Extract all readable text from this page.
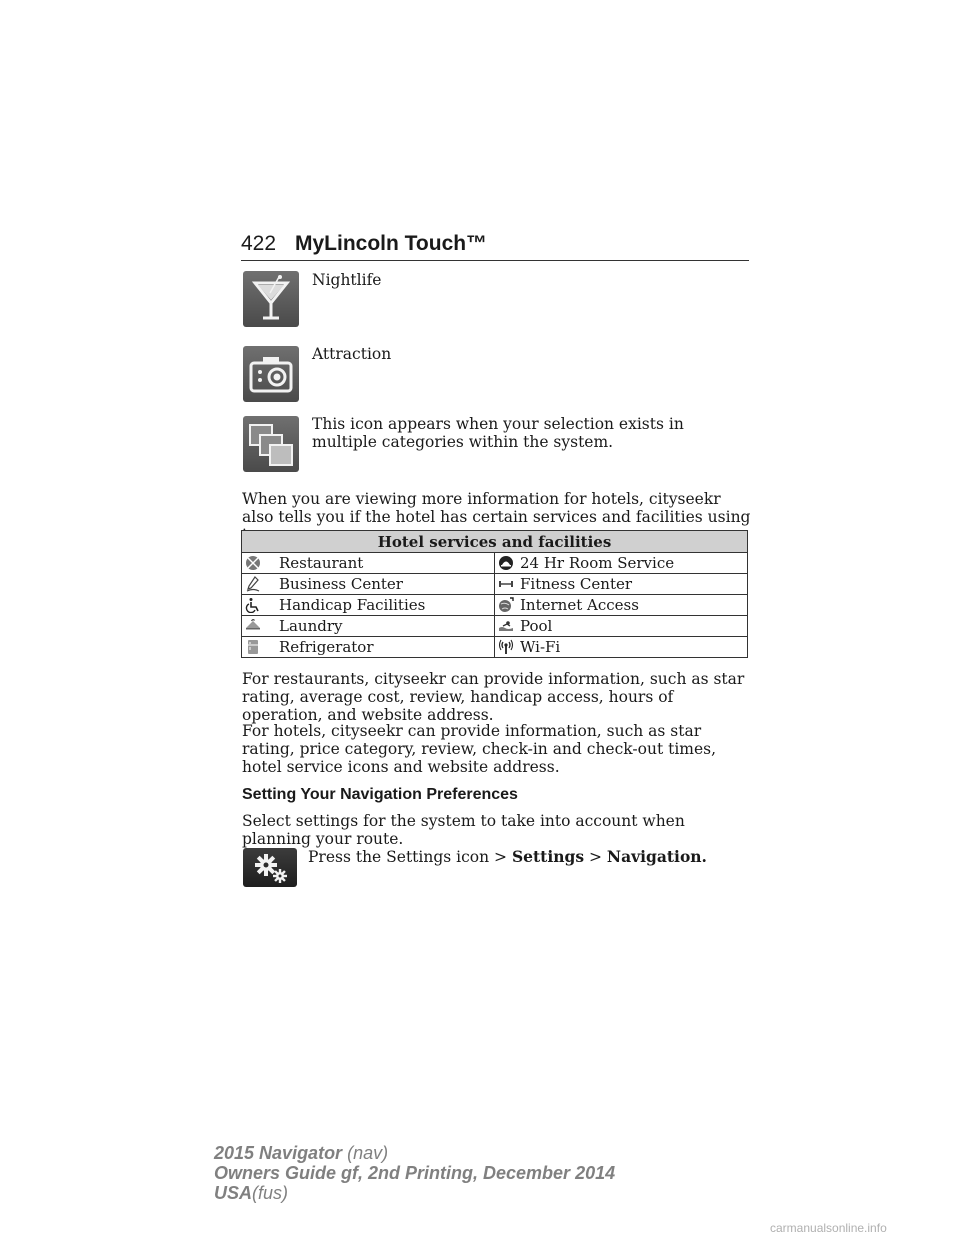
422 MyLincoln Touch™
Nightlife
Attraction
This icon appears when your selection exists in multiple categories within the system.
When you are viewing more information for hotels, cityseekr also tells you if the hotel has certain services and facilities using
Hotel services and facilities	
Restaurant	24 Hr Room Service
Business Center	Fitness Center
Handicap Facilities	Internet Access
Laundry	Pool
Refrigerator	Wi-Fi
For restaurants, cityseekr can provide information, such as star rating, average cost, review, handicap access, hours of operation, and website address.
For hotels, cityseekr can provide information, such as star rating, price category, review, check-in and check-out times, hotel service icons and website address.
Setting Your Navigation Preferences
Select settings for the system to take into account when planning your route.
Press the Settings icon > Settings > Navigation.
2015 Navigator (nav)
Owners Guide gf, 2nd Printing, December 2014
USA(fus)
carmanualsonline.info
